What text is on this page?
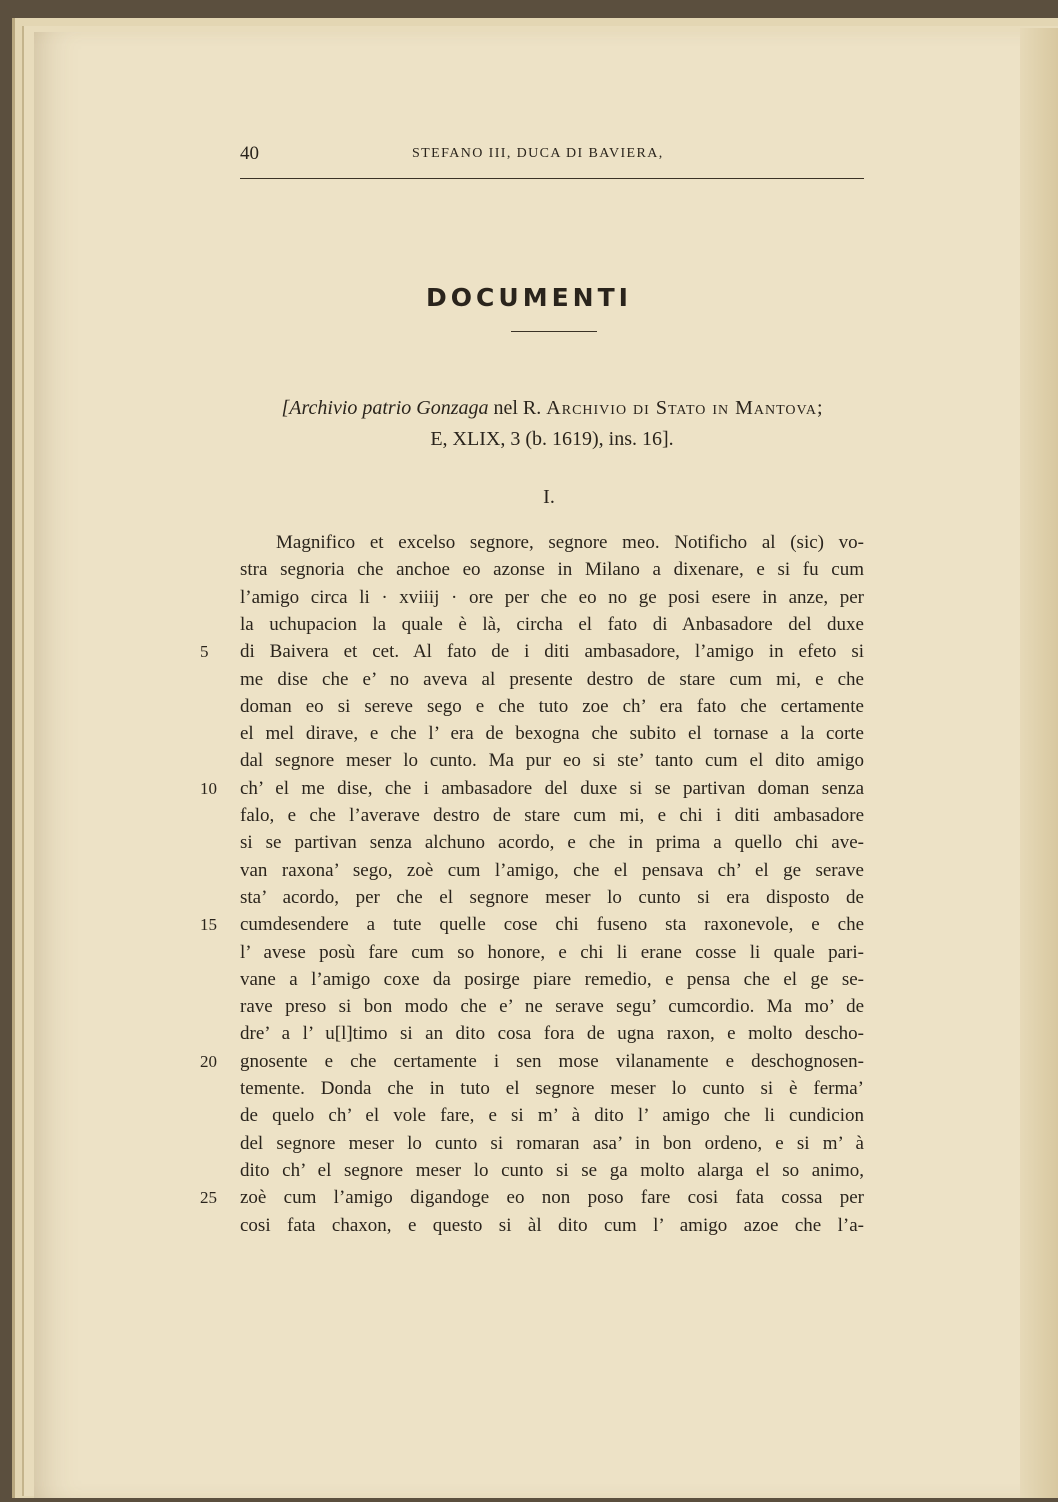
40	STEFANO III, DUCA DI BAVIERA,
DOCUMENTI
[Archivio patrio Gonzaga nel R. Archivio di Stato in Mantova;
E, XLIX, 3 (b. 1619), ins. 16].
I.
Magnifico et excelso segnore, segnore meo. Notificho al (sic) vo-
stra segnoria che anchoe eo azonse in Milano a dixenare, e si fu cum
l’amigo circa li · xviiij · ore per che eo no ge posi esere in anze, per
la uchupacion la quale è là, circha el fato di Anbasadore del duxe
di Baivera et cet. Al fato de i diti ambasadore, l’amigo in efeto si
me dise che e’ no aveva al presente destro de stare cum mi, e che
doman eo si sereve sego e che tuto zoe ch’ era fato che certamente
el mel dirave, e che l’ era de bexogna che subito el tornase a la corte
dal segnore meser lo cunto. Ma pur eo si ste’ tanto cum el dito amigo
ch’ el me dise, che i ambasadore del duxe si se partivan doman senza
falo, e che l’averave destro de stare cum mi, e chi i diti ambasadore
si se partivan senza alchuno acordo, e che in prima a quello chi ave-
van raxona’ sego, zoè cum l’amigo, che el pensava ch’ el ge serave
sta’ acordo, per che el segnore meser lo cunto si era disposto de
cumdesendere a tute quelle cose chi fuseno sta raxonevole, e che
l’ avese posù fare cum so honore, e chi li erane cosse li quale pari-
vane a l’amigo coxe da posirge piare remedio, e pensa che el ge se-
rave preso si bon modo che e’ ne serave segu’ cumcordio. Ma mo’ de
dre’ a l’ u[l]timo si an dito cosa fora de ugna raxon, e molto descho-
gnosente e che certamente i sen mose vilanamente e deschognosen-
temente. Donda che in tuto el segnore meser lo cunto si è ferma’
de quelo ch’ el vole fare, e si m’ à dito l’ amigo che li cundicion
del segnore meser lo cunto si romaran asa’ in bon ordeno, e si m’ à
dito ch’ el segnore meser lo cunto si se ga molto alarga el so animo,
zoè cum l’amigo digandoge eo non poso fare cosi fata cossa per
cosi fata chaxon, e questo si àl dito cum l’ amigo azoe che l’a-
5
10
15
20
25
